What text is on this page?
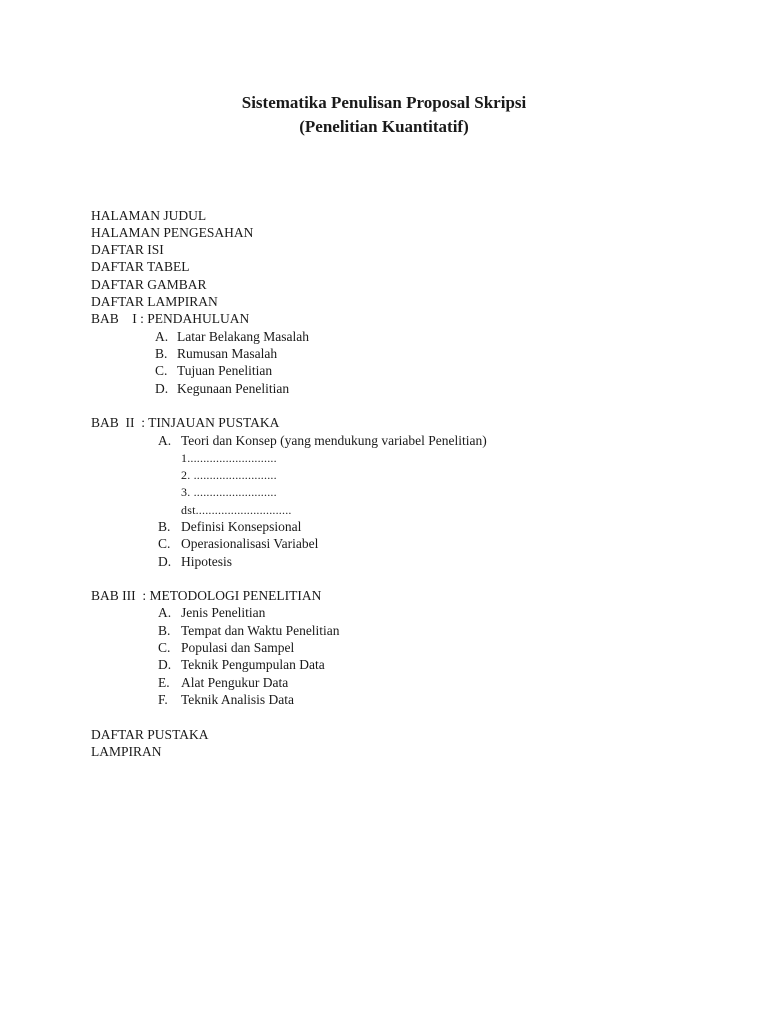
Sistematika Penulisan Proposal Skripsi
(Penelitian Kuantitatif)
HALAMAN JUDUL
HALAMAN PENGESAHAN
DAFTAR ISI
DAFTAR TABEL
DAFTAR GAMBAR
DAFTAR LAMPIRAN
BAB    I : PENDAHULUAN
A. Latar Belakang Masalah
B. Rumusan Masalah
C. Tujuan Penelitian
D. Kegunaan Penelitian
BAB  II  : TINJAUAN PUSTAKA
A. Teori dan Konsep (yang mendukung variabel Penelitian)
1............................
2. ..........................
3. ..........................
dst..............................
B. Definisi Konsepsional
C. Operasionalisasi Variabel
D. Hipotesis
BAB III  : METODOLOGI PENELITIAN
A. Jenis Penelitian
B. Tempat dan Waktu Penelitian
C. Populasi dan Sampel
D. Teknik Pengumpulan Data
E. Alat Pengukur Data
F. Teknik Analisis Data
DAFTAR PUSTAKA
LAMPIRAN
